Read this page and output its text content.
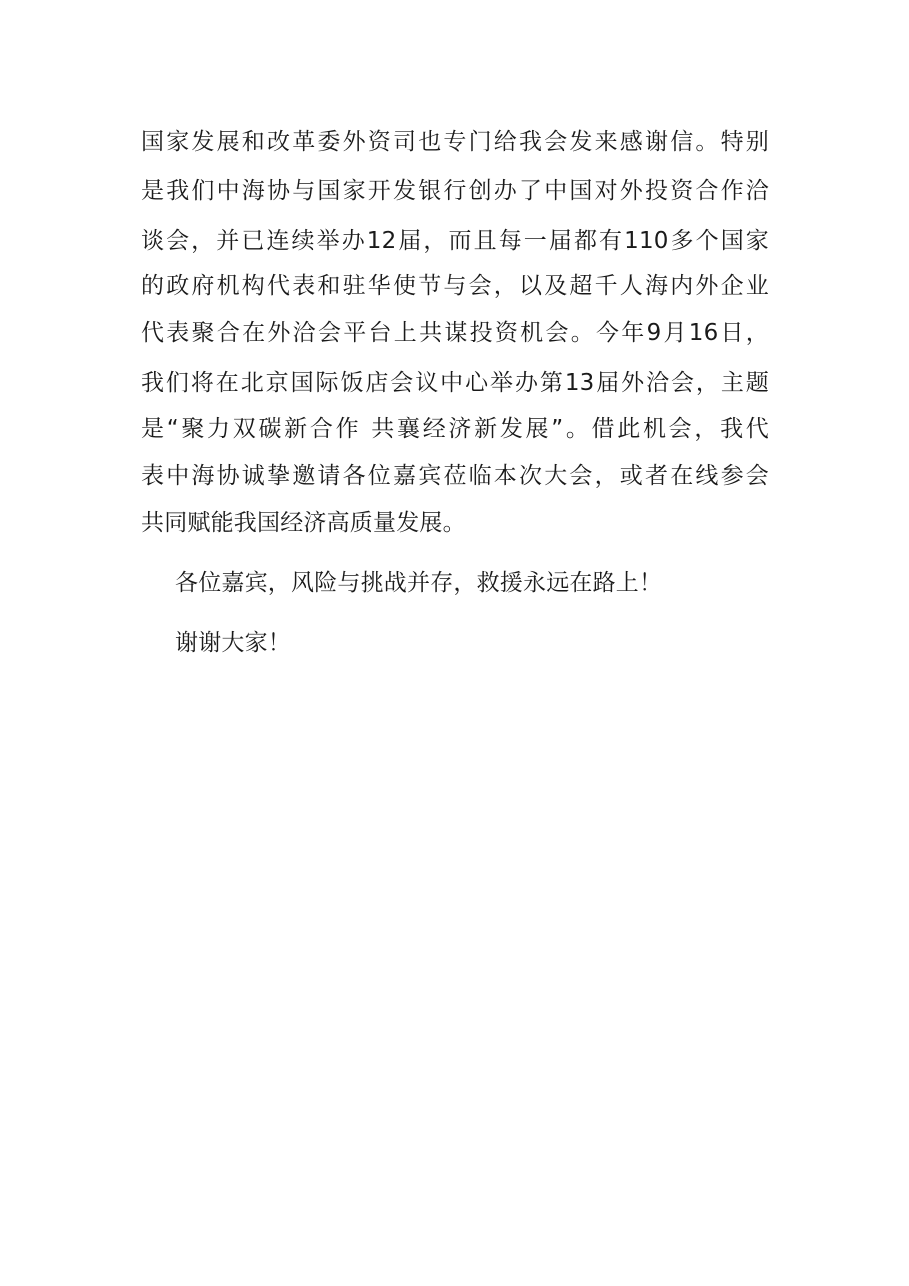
国家发展和改革委外资司也专门给我会发来感谢信。特别
是我们中海协与国家开发银行创办了中国对外投资合作洽
谈会，并已连续举办12届，而且每一届都有110多个国家
的政府机构代表和驻华使节与会，以及超千人海内外企业
代表聚合在外洽会平台上共谋投资机会。今年9月16日，
我们将在北京国际饭店会议中心举办第13届外洽会，主题
是“聚力双碳新合作 共襄经济新发展”。借此机会，我代
表中海协诚挚邀请各位嘉宾莅临本次大会，或者在线参会
共同赋能我国经济高质量发展。
各位嘉宾，风险与挑战并存，救援永远在路上！
谢谢大家！
